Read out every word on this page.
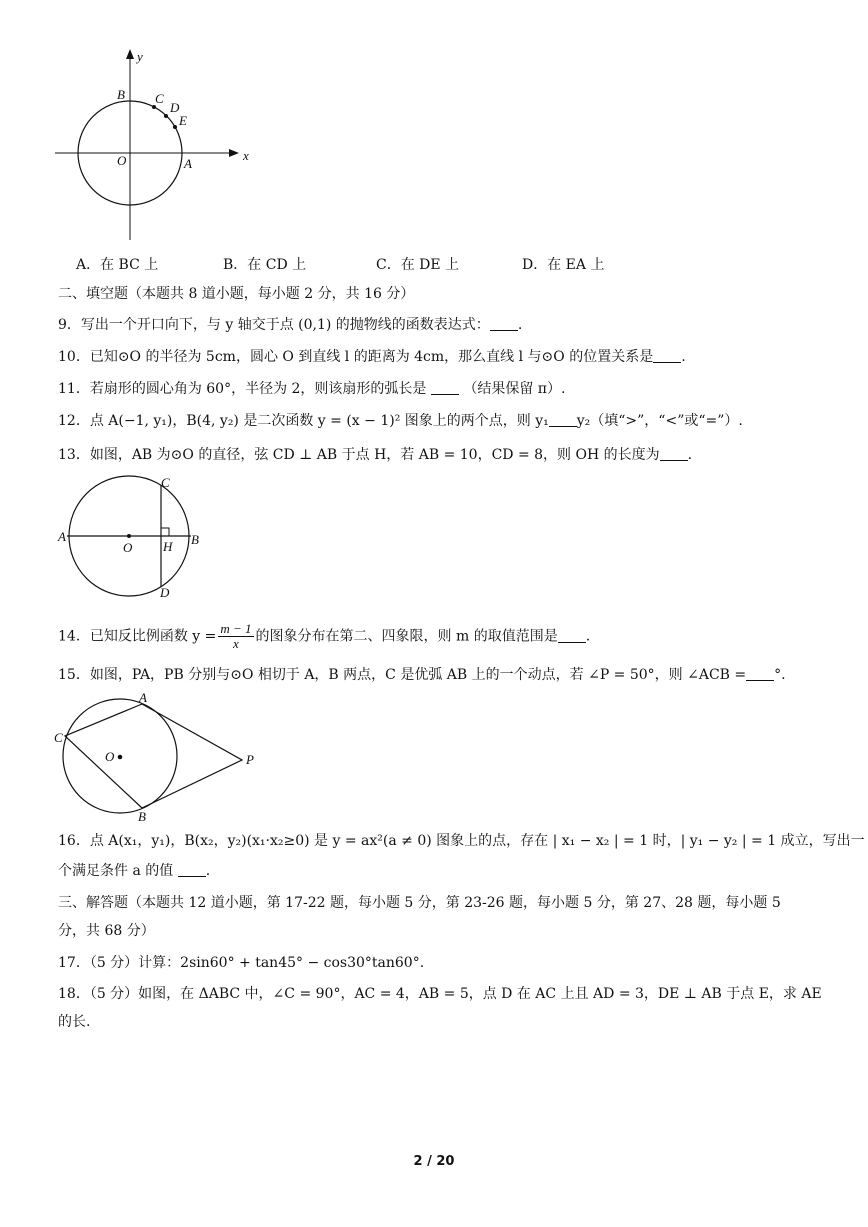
y
x
B C
D
E
O	A
A．在 BC 上	B．在 CD 上	C．在 DE 上	D．在 EA 上
二、填空题（本题共 8 道小题，每小题 2 分，共 16 分）
9．写出一个开口向下，与 y 轴交于点 (0,1) 的抛物线的函数表达式： .
10．已知⊙O 的半径为 5cm，圆心 O 到直线 l 的距离为 4cm，那么直线 l 与⊙O 的位置关系是 .
11．若扇形的圆心角为 60°，半径为 2，则该扇形的弧长是	（结果保留 π）.
12．点 A(−1, y₁)，B(4, y₂) 是二次函数 y = (x − 1)² 图象上的两个点，则 y₁ y₂（填“>”，“<”或“=”）.
13．如图，AB 为⊙O 的直径，弦 CD ⊥ AB 于点 H，若 AB = 10，CD = 8，则 OH 的长度为 .
A
O H B
C
D
14．已知反比例函数 $y = \frac{m - 1}{x}$ 的图象分布在第二、四象限，则 m 的取值范围是 .
15．如图，PA，PB 分别与⊙O 相切于 A，B 两点，C 是优弧 AB 上的一个动点，若 ∠P = 50°，则 ∠ACB = °.
A
C
O	P
B
16．点 A(x₁，y₁)，B(x₂，y₂)(x₁·x₂≥0) 是 y = ax²(a ≠ 0) 图象上的点，存在 | x₁ − x₂ | = 1 时，| y₁ − y₂ | = 1 成立，写出一
个满足条件 a 的值 .
三、解答题（本题共 12 道小题，第 17-22 题，每小题 5 分，第 23-26 题，每小题 5 分，第 27、28 题，每小题 5
分，共 68 分）
17．（5 分）计算：2sin60° + tan45° − cos30°tan60°.
18．（5 分）如图，在 ΔABC 中，∠C = 90°，AC = 4，AB = 5，点 D 在 AC 上且 AD = 3，DE ⊥ AB 于点 E，求 AE
的长.
2 / 20
